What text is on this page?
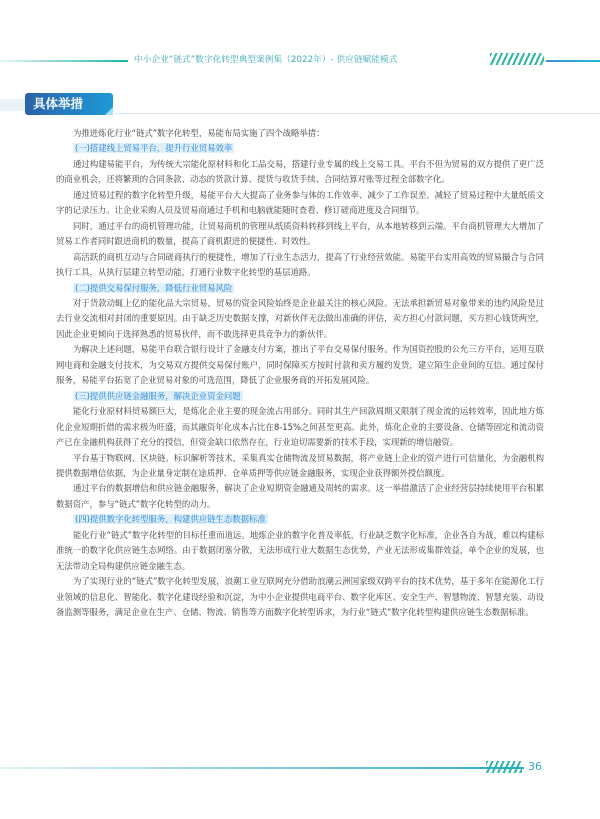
中小企业“链式”数字化转型典型案例集（2022年）- 供应链赋能模式
具体举措

为推进炼化行业“链式”数字化转型，易能布局实施了四个战略举措：

(一)搭建线上贸易平台，提升行业贸易效率

通过构建易能平台，为传统大宗能化原材料和化工品交易，搭建行业专属的线上交易工具。平台不但为贸易的双方提供了更广泛的商业机会，还将繁琐的合同条款、动态的货款计算、提货与收货手续、合同结算对账等过程全部数字化。

通过贸易过程的数字化转型升级，易能平台大大提高了业务参与体的工作效率、减少了工作误差、减轻了贸易过程中大量纸质文字的记录压力。让企业采购人员及贸易商通过手机和电脑就能随时查看、修订磋商进度及合同细节。

同时，通过平台的商机管理功能，让贸易商机的管理从纸质资料转移到线上平台，从本地转移到云端。平台商机管理大大增加了贸易工作者同时跟进商机的数量，提高了商机跟进的便捷性、时效性。

高活跃的商机互动与合同磋商执行的便捷性，增加了行业生态活力，提高了行业经营效能。易能平台实用高效的贸易撮合与合同执行工具，从执行层建立转型动能，打通行业数字化转型的基层道路。

(二)提供交易保付服务，降低行业贸易风险

对于货款动辄上亿的能化品大宗贸易，贸易的资金风险始终是企业最关注的核心风险。无法承担新贸易对象带来的违约风险是过去行业交流相对封闭的重要原因。由于缺乏历史数据支撑，对新伙伴无法做出准确的评估，卖方担心付款问题，买方担心钱货两空，因此企业更倾向于选择熟悉的贸易伙伴，而不敢选择更具竞争力的新伙伴。

为解决上述问题，易能平台联合银行设计了金融支付方案，推出了平台交易保付服务。作为国资控股的公允三方平台，运用互联网电商和金融支付技术，为交易双方提供交易保付账户，同时保障买方按时付款和卖方履约发货，建立陌生企业间的互信。通过保付服务，易能平台拓宽了企业贸易对象的可选范围，降低了企业服务商的开拓发展风险。

(三)提供供应链金融服务，解决企业资金问题

能化行业原材料贸易额巨大，是炼化企业主要的现金流占用部分。同时其生产回款周期又限制了现金流的运转效率，因此地方炼化企业短期折借的需求极为旺盛，而其融资年化成本占比在8-15%之间甚至更高。此外，炼化企业的主要设备、仓储等固定和流动资产已在金融机构获得了充分的授信，但资金缺口依然存在，行业迫切需要新的技术手段，实现新的增信融资。

平台基于物联网、区块链、标识解析等技术，采集真实仓储物流及贸易数据，将产业链上企业的资产进行可信量化，为金融机构提供数据增信依据，为企业量身定制在途质押、仓单质押等供应链金融服务，实现企业获得额外授信额度。

通过平台的数据增信和供应链金融服务，解决了企业短期资金融通及周转的需求。这一举措激活了企业经营层持续使用平台积累数据资产，参与“链式”数字化转型的动力。

(四)提供数字化转型服务，构建供应链生态数据标准

能化行业“链式”数字化转型的目标任重而道远。地炼企业的数字化普及率低，行业缺乏数字化标准，企业各自为战，难以构建标准统一的数字化供应链生态网络。由于数据闭塞分散，无法形成行业大数据生态优势，产业无法形成集群效益，单个企业的发展，也无法带动全局构建供应链金融生态。

为了实现行业的“链式”数字化转型发展，浪潮工业互联网充分借助浪潮云洲国家级双跨平台的技术优势，基于多年在能源化工行业领域的信息化、智能化、数字化建设经验和沉淀，为中小企业提供电商平台、数字化库区、安全生产、智慧物流、智慧充装、动设备监测等服务，满足企业在生产、仓储、物流、销售等方面数字化转型诉求，为行业“链式”数字化转型构建供应链生态数据标准。

36
